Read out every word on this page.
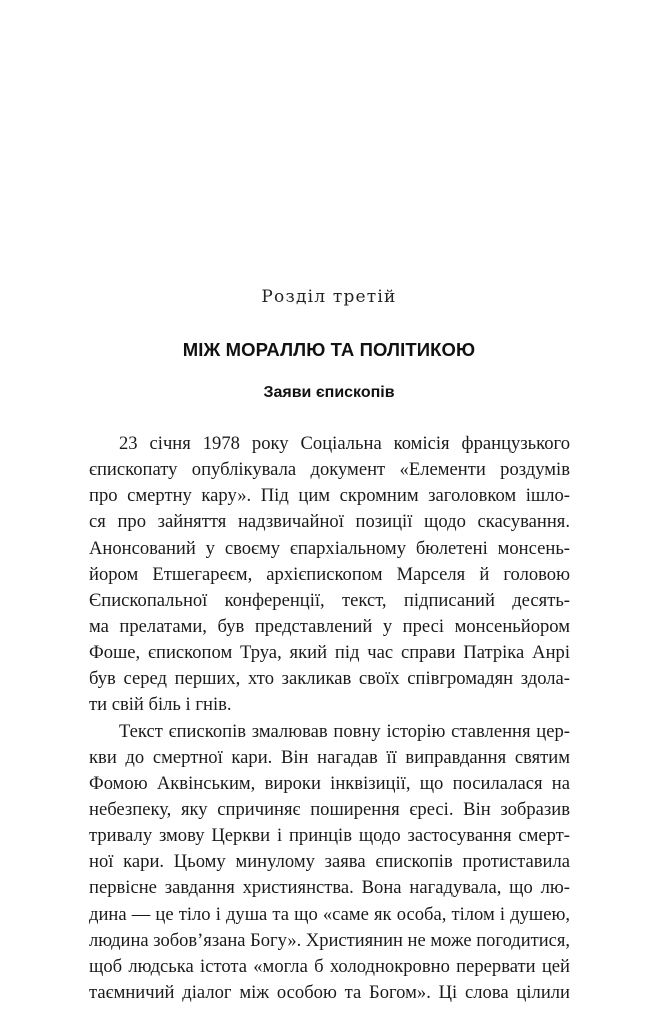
Розділ третій
МІЖ МОРАЛЛЮ ТА ПОЛІТИКОЮ
Заяви єпископів
23 січня 1978 року Соціальна комісія французького
єпископату опублікувала документ «Елементи роздумів
про смертну кару». Під цим скромним заголовком ішло-
ся про зайняття надзвичайної позиції щодо скасування.
Анонсований у своєму єпархіальному бюлетені монсень-
йором Етшегареєм, архієпископом Марселя й головою
Єпископальної конференції, текст, підписаний десять-
ма прелатами, був представлений у пресі монсеньйором
Фоше, єпископом Труа, який під час справи Патріка Анрі
був серед перших, хто закликав своїх співгромадян здола-
ти свій біль і гнів.
Текст єпископів змалював повну історію ставлення цер-
кви до смертної кари. Він нагадав її виправдання святим
Фомою Аквінським, вироки інквізиції, що посилалася на
небезпеку, яку спричиняє поширення єресі. Він зобразив
тривалу змову Церкви і принців щодо застосування смерт-
ної кари. Цьому минулому заява єпископів протиставила
первісне завдання християнства. Вона нагадувала, що лю-
дина — це тіло і душа та що «саме як особа, тілом і душею,
людина зобов’язана Богу». Християнин не може погодитися,
щоб людська істота «могла б холоднокровно перервати цей
таємничий діалог між особою та Богом». Ці слова цілили
